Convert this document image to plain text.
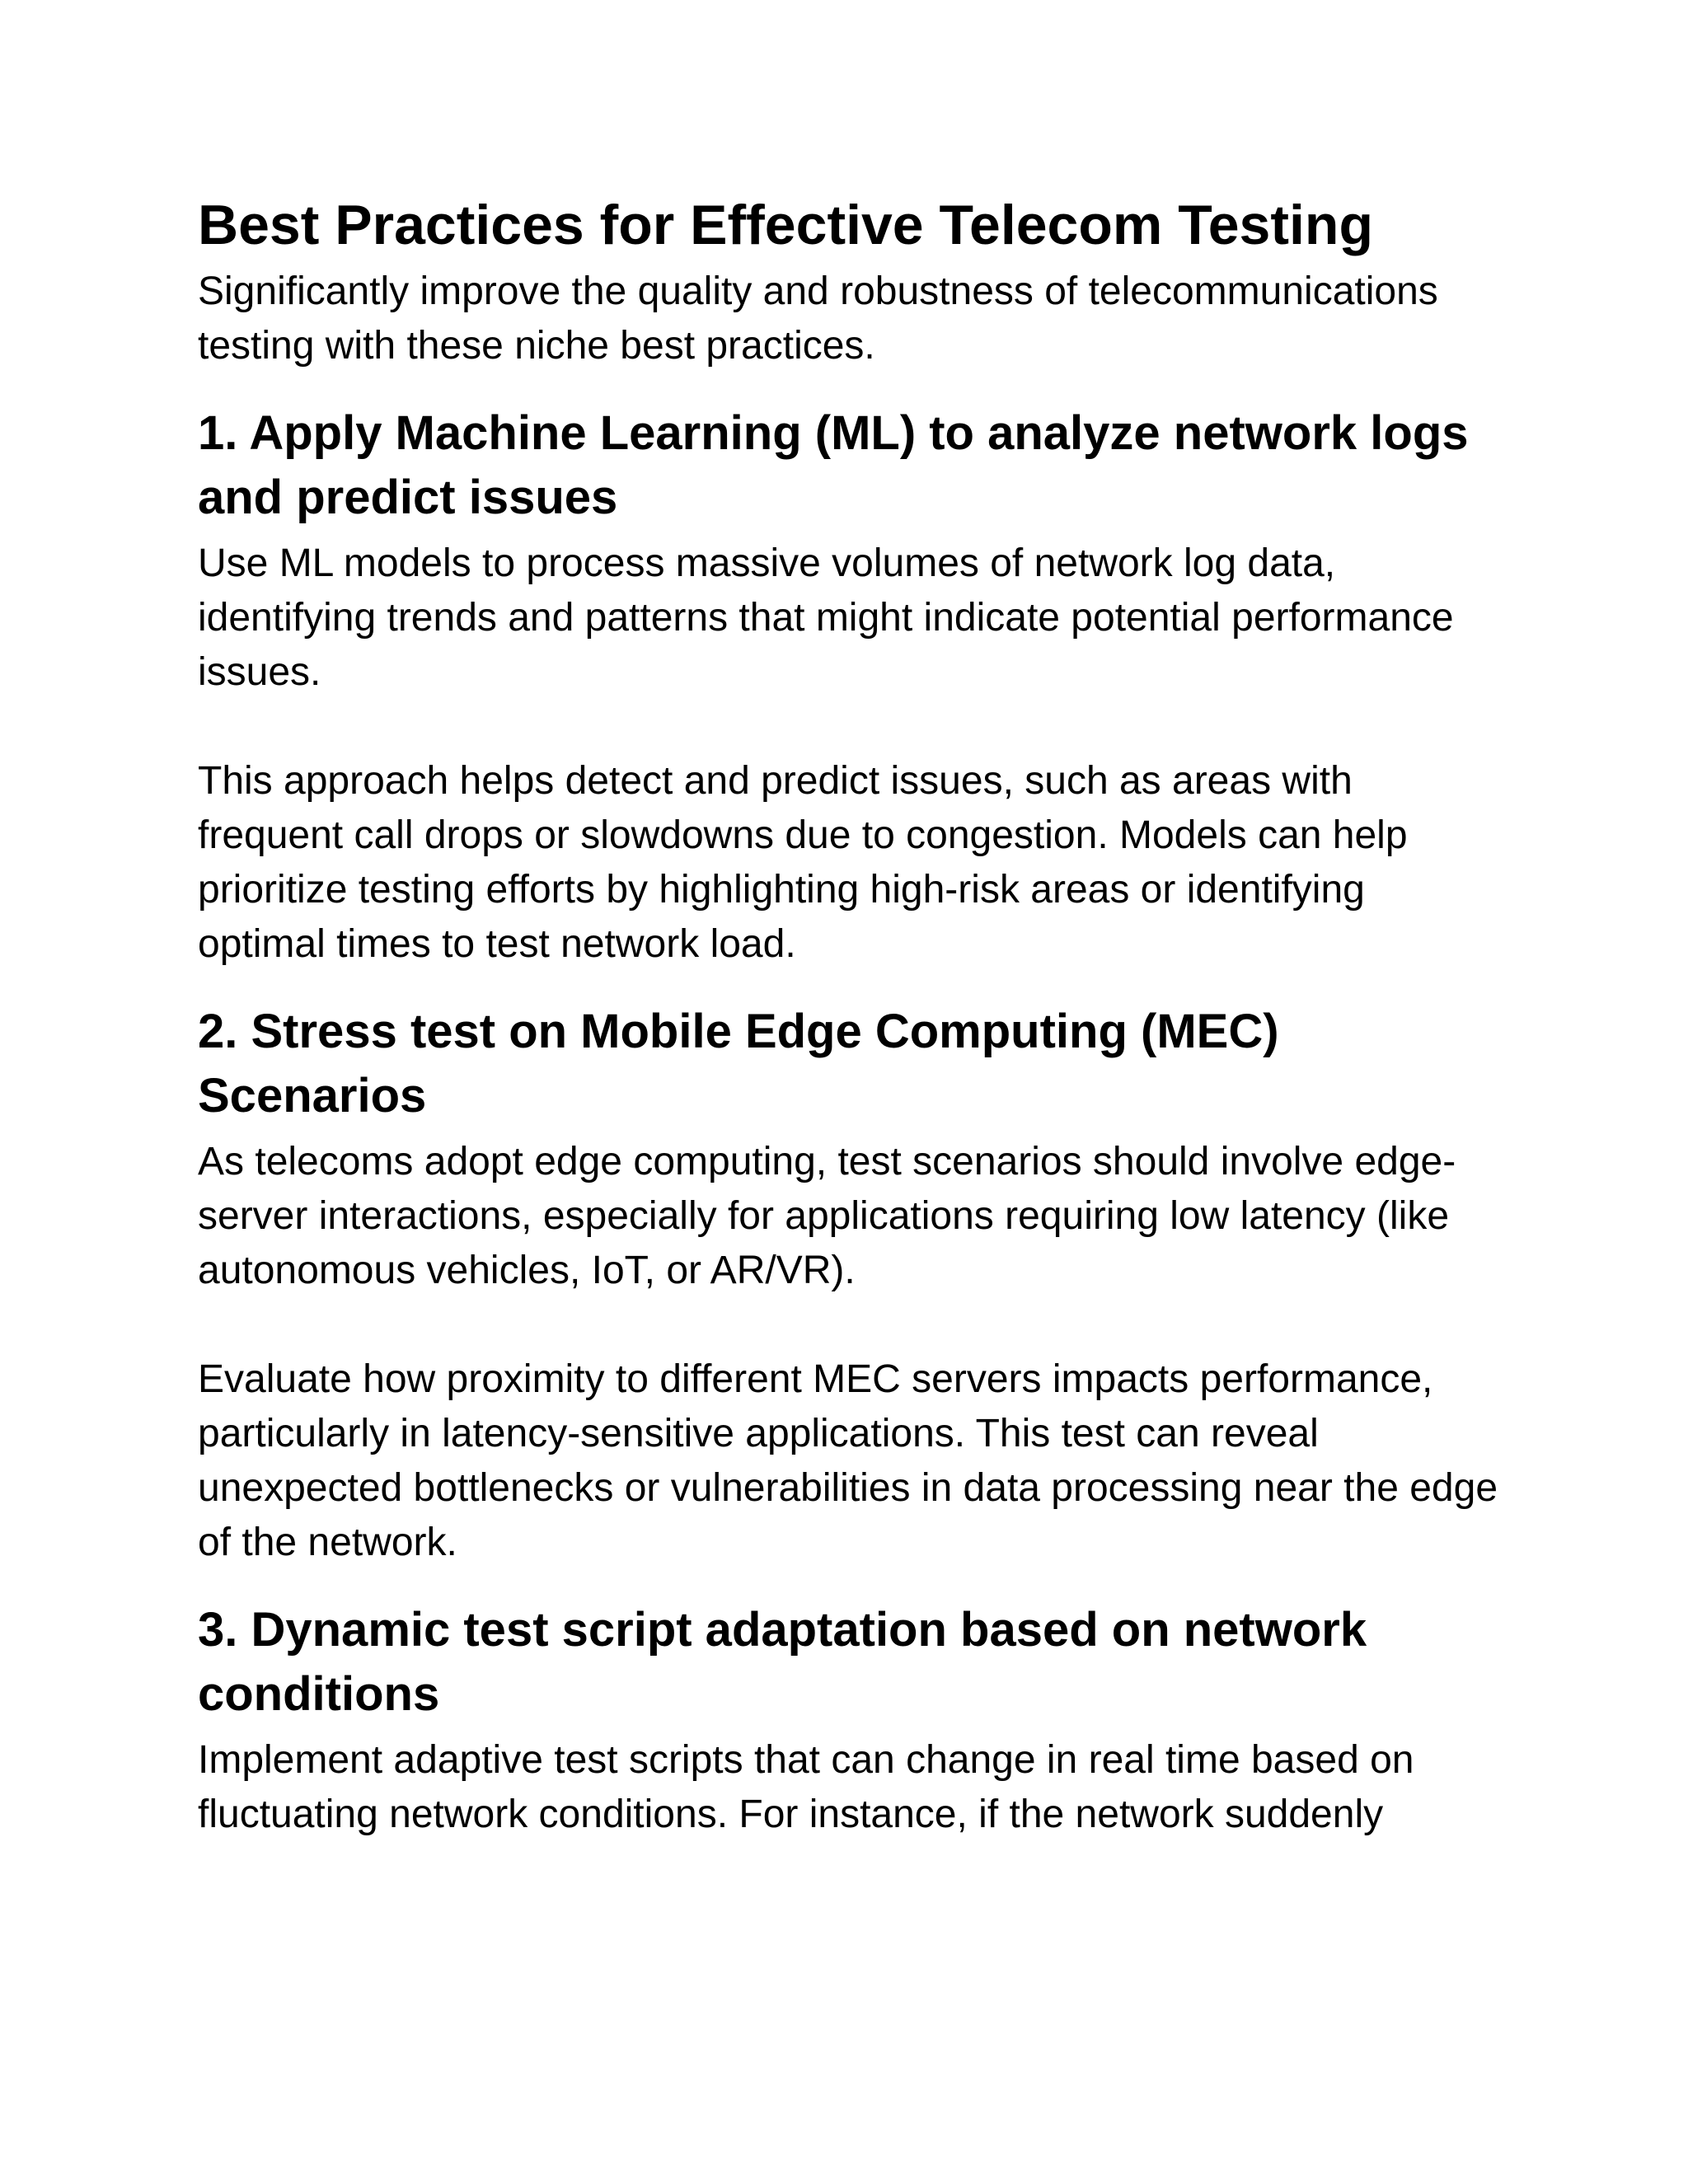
Best Practices for Effective Telecom Testing

Significantly improve the quality and robustness of telecommunications testing with these niche best practices.

1. Apply Machine Learning (ML) to analyze network logs and predict issues

Use ML models to process massive volumes of network log data, identifying trends and patterns that might indicate potential performance issues.

This approach helps detect and predict issues, such as areas with frequent call drops or slowdowns due to congestion. Models can help prioritize testing efforts by highlighting high-risk areas or identifying optimal times to test network load.

2. Stress test on Mobile Edge Computing (MEC) Scenarios

As telecoms adopt edge computing, test scenarios should involve edge-server interactions, especially for applications requiring low latency (like autonomous vehicles, IoT, or AR/VR).

Evaluate how proximity to different MEC servers impacts performance, particularly in latency-sensitive applications. This test can reveal unexpected bottlenecks or vulnerabilities in data processing near the edge of the network.

3. Dynamic test script adaptation based on network conditions

Implement adaptive test scripts that can change in real time based on fluctuating network conditions. For instance, if the network suddenly
